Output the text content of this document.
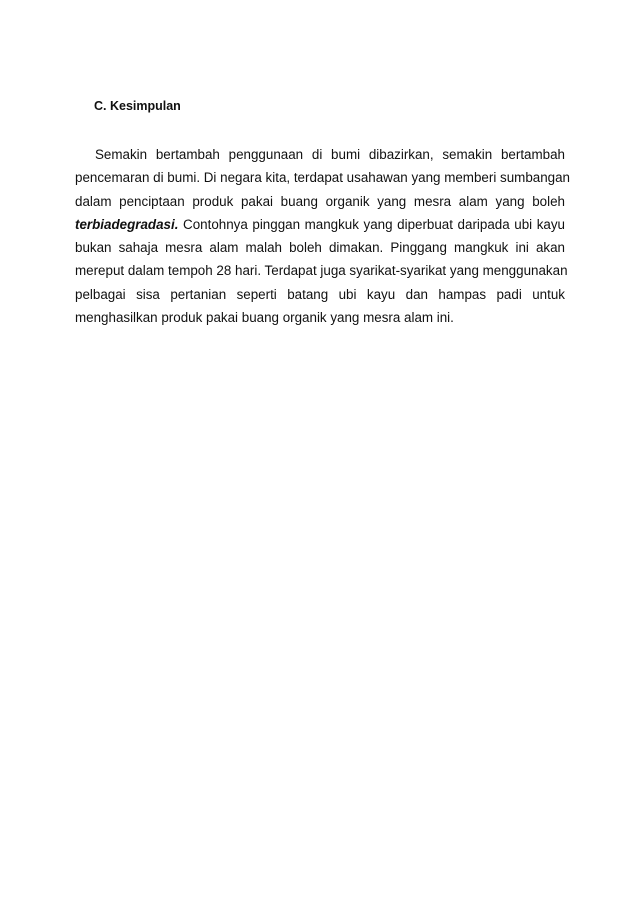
C. Kesimpulan
Semakin bertambah penggunaan di bumi dibazirkan, semakin bertambah
pencemaran di bumi. Di negara kita, terdapat usahawan yang memberi sumbangan
dalam penciptaan produk pakai buang organik yang mesra alam yang boleh
terbiadegradasi. Contohnya pinggan mangkuk yang diperbuat daripada ubi kayu
bukan sahaja mesra alam malah boleh dimakan. Pinggang mangkuk ini akan
mereput dalam tempoh 28 hari. Terdapat juga syarikat-syarikat yang menggunakan
pelbagai sisa pertanian seperti batang ubi kayu dan hampas padi untuk
menghasilkan produk pakai buang organik yang mesra alam ini.
